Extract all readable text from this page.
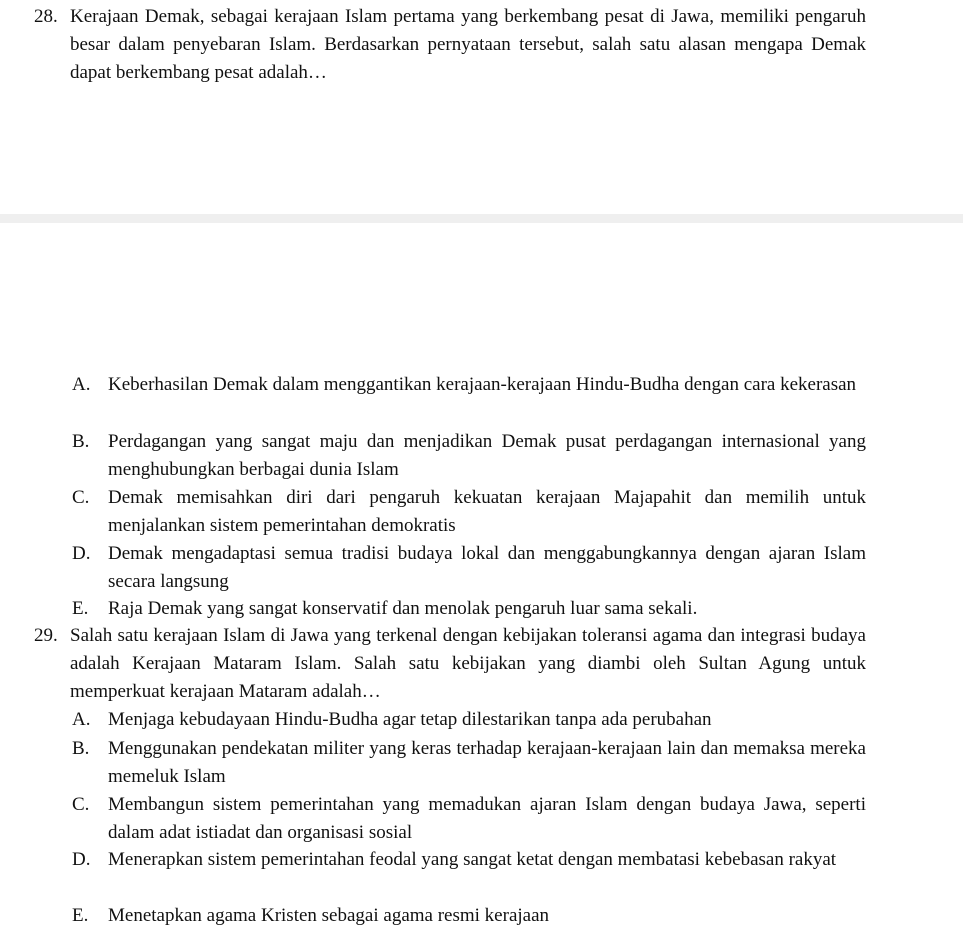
28. Kerajaan Demak, sebagai kerajaan Islam pertama yang berkembang pesat di Jawa, memiliki pengaruh besar dalam penyebaran Islam. Berdasarkan pernyataan tersebut, salah satu alasan mengapa Demak dapat berkembang pesat adalah…
A. Keberhasilan Demak dalam menggantikan kerajaan-kerajaan Hindu-Budha dengan cara kekerasan
B. Perdagangan yang sangat maju dan menjadikan Demak pusat perdagangan internasional yang menghubungkan berbagai dunia Islam
C. Demak memisahkan diri dari pengaruh kekuatan kerajaan Majapahit dan memilih untuk menjalankan sistem pemerintahan demokratis
D. Demak mengadaptasi semua tradisi budaya lokal dan menggabungkannya dengan ajaran Islam secara langsung
E. Raja Demak yang sangat konservatif dan menolak pengaruh luar sama sekali.
29. Salah satu kerajaan Islam di Jawa yang terkenal dengan kebijakan toleransi agama dan integrasi budaya adalah Kerajaan Mataram Islam. Salah satu kebijakan yang diambi oleh Sultan Agung untuk memperkuat kerajaan Mataram adalah…
A. Menjaga kebudayaan Hindu-Budha agar tetap dilestarikan tanpa ada perubahan
B. Menggunakan pendekatan militer yang keras terhadap kerajaan-kerajaan lain dan memaksa mereka memeluk Islam
C. Membangun sistem pemerintahan yang memadukan ajaran Islam dengan budaya Jawa, seperti dalam adat istiadat dan organisasi sosial
D. Menerapkan sistem pemerintahan feodal yang sangat ketat dengan membatasi kebebasan rakyat
E. Menetapkan agama Kristen sebagai agama resmi kerajaan
